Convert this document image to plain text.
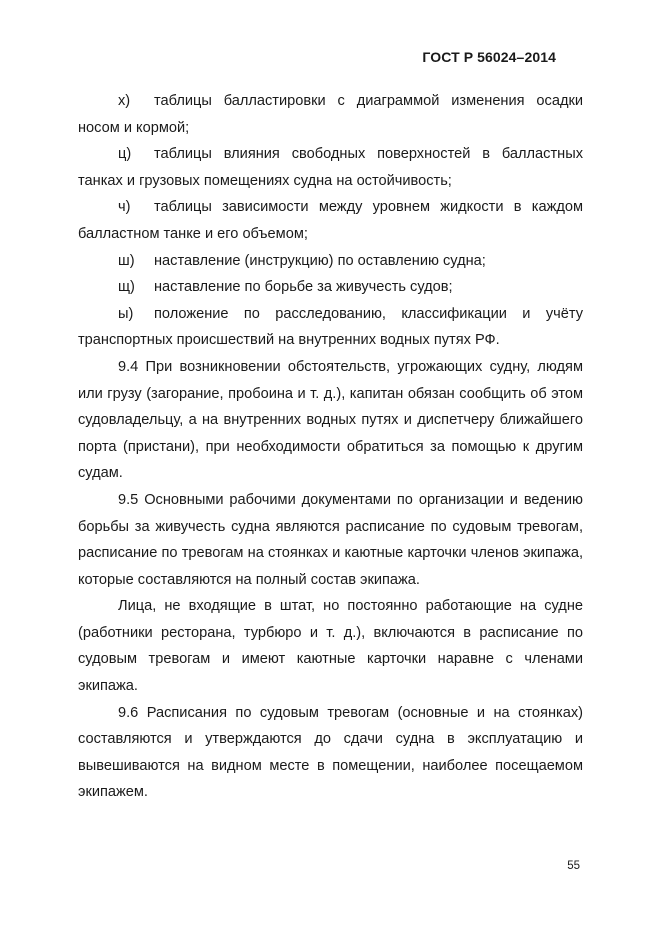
ГОСТ Р 56024–2014

х) таблицы балластировки с диаграммой изменения осадки носом и кормой;

ц) таблицы влияния свободных поверхностей в балластных танках и грузовых помещениях судна на остойчивость;

ч) таблицы зависимости между уровнем жидкости в каждом балластном танке и его объемом;

ш) наставление (инструкцию) по оставлению судна;

щ) наставление по борьбе за живучесть судов;

ы) положение по расследованию, классификации и учёту транспортных происшествий на внутренних водных путях РФ.

9.4 При возникновении обстоятельств, угрожающих судну, людям или грузу (загорание, пробоина и т. д.), капитан обязан сообщить об этом судовладельцу, а на внутренних водных путях и диспетчеру ближайшего порта (пристани), при необходимости обратиться за помощью к другим судам.

9.5 Основными рабочими документами по организации и ведению борьбы за живучесть судна являются расписание по судовым тревогам, расписание по тревогам на стоянках и каютные карточки членов экипажа, которые составляются на полный состав экипажа.

Лица, не входящие в штат, но постоянно работающие на судне (работники ресторана, турбюро и т. д.), включаются в расписание по судовым тревогам и имеют каютные карточки наравне с членами экипажа.

9.6 Расписания по судовым тревогам (основные и на стоянках) составляются и утверждаются до сдачи судна в эксплуатацию и вывешиваются на видном месте в помещении, наиболее посещаемом экипажем.

55
